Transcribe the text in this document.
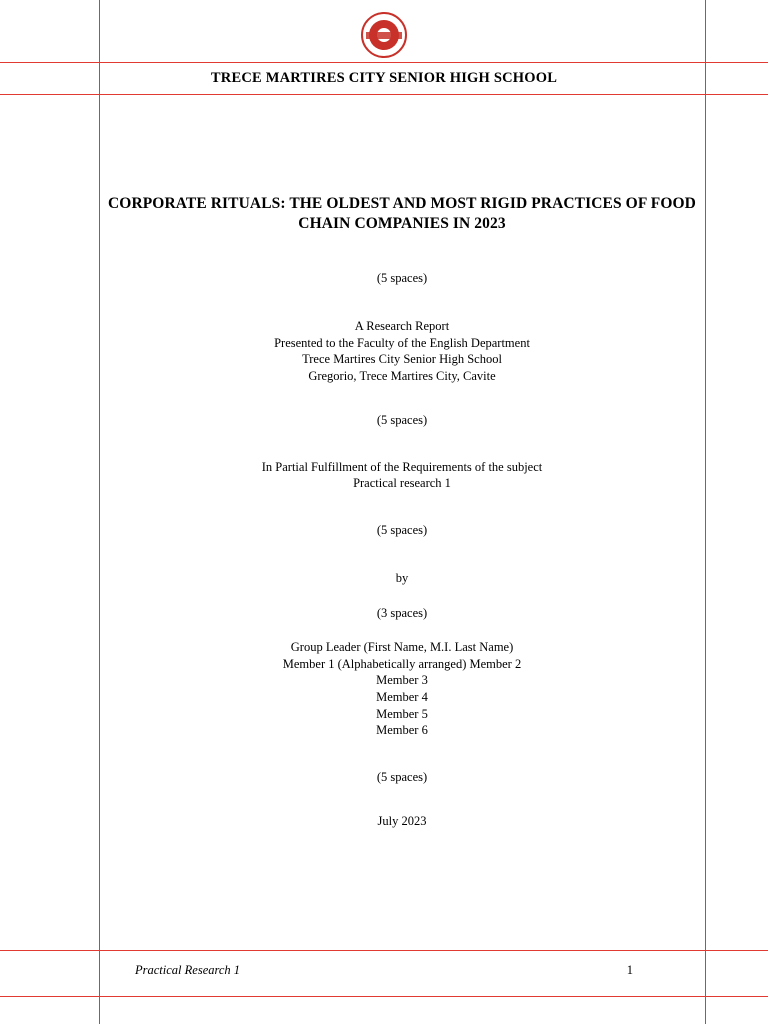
TRECE MARTIRES CITY SENIOR HIGH SCHOOL
CORPORATE RITUALS: THE OLDEST AND MOST RIGID PRACTICES OF FOOD CHAIN COMPANIES IN 2023
(5 spaces)
A Research Report
Presented to the Faculty of the English Department
Trece Martires City Senior High School
Gregorio, Trece Martires City, Cavite
(5 spaces)
In Partial Fulfillment of the Requirements of the subject
Practical research 1
(5 spaces)
by
(3 spaces)
Group Leader (First Name, M.I. Last Name)
Member 1 (Alphabetically arranged) Member 2
Member 3
Member 4
Member 5
Member 6
(5 spaces)
July 2023
Practical Research 1	1
